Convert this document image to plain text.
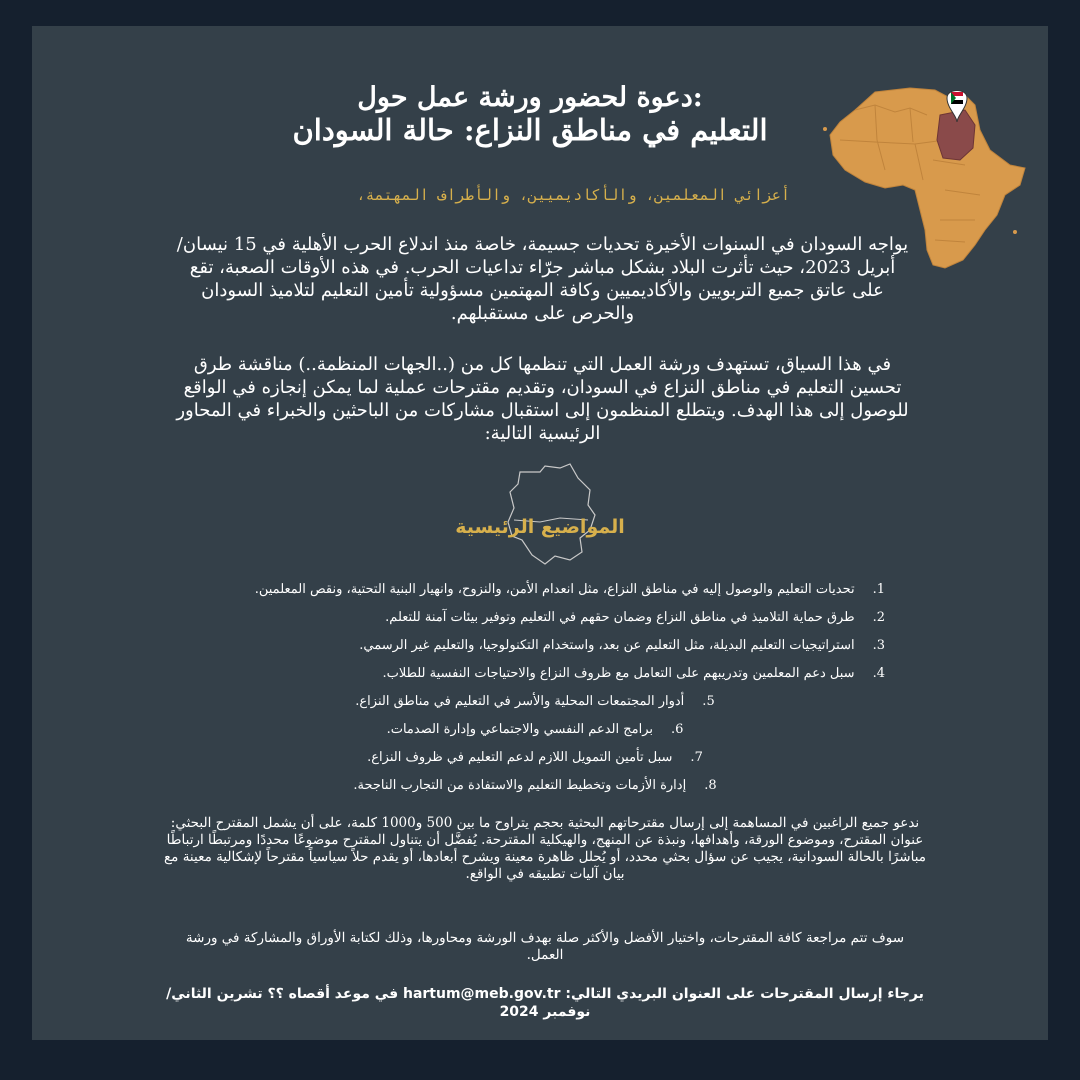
دعوة لحضور ورشة عمل حول:
التعليم في مناطق النزاع: حالة السودان
أعزائي المعلمين، والأكاديميين، والأطراف المهتمة،
يواجه السودان في السنوات الأخيرة تحديات جسيمة، خاصة منذ اندلاع الحرب الأهلية في 15 نيسان/أبريل 2023، حيث تأثرت البلاد بشكل مباشر جرّاء تداعيات الحرب. في هذه الأوقات الصعبة، تقع على عاتق جميع التربويين والأكاديميين وكافة المهتمين مسؤولية تأمين التعليم لتلاميذ السودان والحرص على مستقبلهم.
في هذا السياق، تستهدف ورشة العمل التي تنظمها كل من (..الجهات المنظمة..) مناقشة طرق تحسين التعليم في مناطق النزاع في السودان، وتقديم مقترحات عملية لما يمكن إنجازه في الواقع للوصول إلى هذا الهدف. ويتطلع المنظمون إلى استقبال مشاركات من الباحثين والخبراء في المحاور الرئيسية التالية:
المواضيع الرئيسية
1.تحديات التعليم والوصول إليه في مناطق النزاع، مثل انعدام الأمن، والنزوح، وانهيار البنية التحتية، ونقص المعلمين.
2.طرق حماية التلاميذ في مناطق النزاع وضمان حقهم في التعليم وتوفير بيئات آمنة للتعلم.
3.استراتيجيات التعليم البديلة، مثل التعليم عن بعد، واستخدام التكنولوجيا، والتعليم غير الرسمي.
4.سبل دعم المعلمين وتدريبهم على التعامل مع ظروف النزاع والاحتياجات النفسية للطلاب.
5.أدوار المجتمعات المحلية والأسر في التعليم في مناطق النزاع.
6.برامج الدعم النفسي والاجتماعي وإدارة الصدمات.
7.سبل تأمين التمويل اللازم لدعم التعليم في ظروف النزاع.
8.إدارة الأزمات وتخطيط التعليم والاستفادة من التجارب الناجحة.
ندعو جميع الراغبين في المساهمة إلى إرسال مقترحاتهم البحثية بحجم يتراوح ما بين 500 و1000 كلمة، على أن يشمل المقترح البحثي: عنوان المقترح، وموضوع الورقة، وأهدافها، ونبذة عن المنهج، والهيكلية المقترحة. يُفضَّل أن يتناول المقترح موضوعًا محددًا ومرتبطًا ارتباطًا مباشرًا بالحالة السودانية، يجيب عن سؤال بحثي محدد، أو يُحلل ظاهرة معينة ويشرح أبعادها، أو يقدم حلاً سياسياً مقترحاً لإشكالية معينة مع بيان آليات تطبيقه في الواقع.
سوف تتم مراجعة كافة المقترحات، واختيار الأفضل والأكثر صلة بهدف الورشة ومحاورها، وذلك لكتابة الأوراق والمشاركة في ورشة العمل.
يرجاء إرسال المقترحات على العنوان البريدي التالي: hartum@meb.gov.tr في موعد أقصاه ؟؟ تشرين الثاني/نوفمبر 2024
